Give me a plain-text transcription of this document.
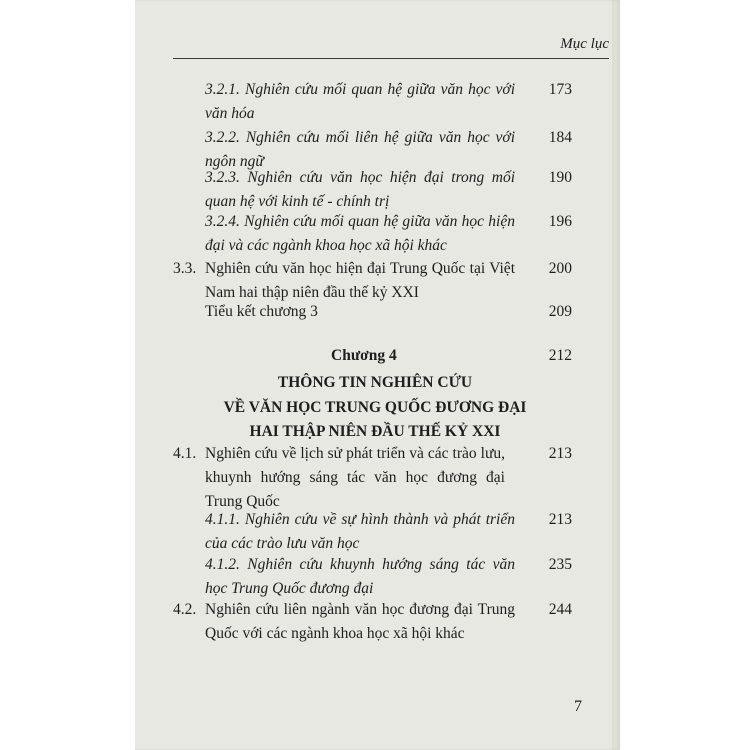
Mục lục
3.2.1. Nghiên cứu mối quan hệ giữa văn học với văn hóa
173
3.2.2. Nghiên cứu mối liên hệ giữa văn học với ngôn ngữ
184
3.2.3. Nghiên cứu văn học hiện đại trong mối quan hệ với kinh tế - chính trị
190
3.2.4. Nghiên cứu mối quan hệ giữa văn học hiện đại và các ngành khoa học xã hội khác
196
3.3. Nghiên cứu văn học hiện đại Trung Quốc tại Việt Nam hai thập niên đầu thế kỷ XXI
200
Tiểu kết chương 3	209
Chương 4	212
THÔNG TIN NGHIÊN CỨU
VỀ VĂN HỌC TRUNG QUỐC ĐƯƠNG ĐẠI
HAI THẬP NIÊN ĐẦU THẾ KỶ XXI
4.1. Nghiên cứu về lịch sử phát triển và các trào lưu, khuynh hướng sáng tác văn học đương đại Trung Quốc
213
4.1.1. Nghiên cứu về sự hình thành và phát triển của các trào lưu văn học
213
4.1.2. Nghiên cứu khuynh hướng sáng tác văn học Trung Quốc đương đại
235
4.2. Nghiên cứu liên ngành văn học đương đại Trung Quốc với các ngành khoa học xã hội khác
244
7
